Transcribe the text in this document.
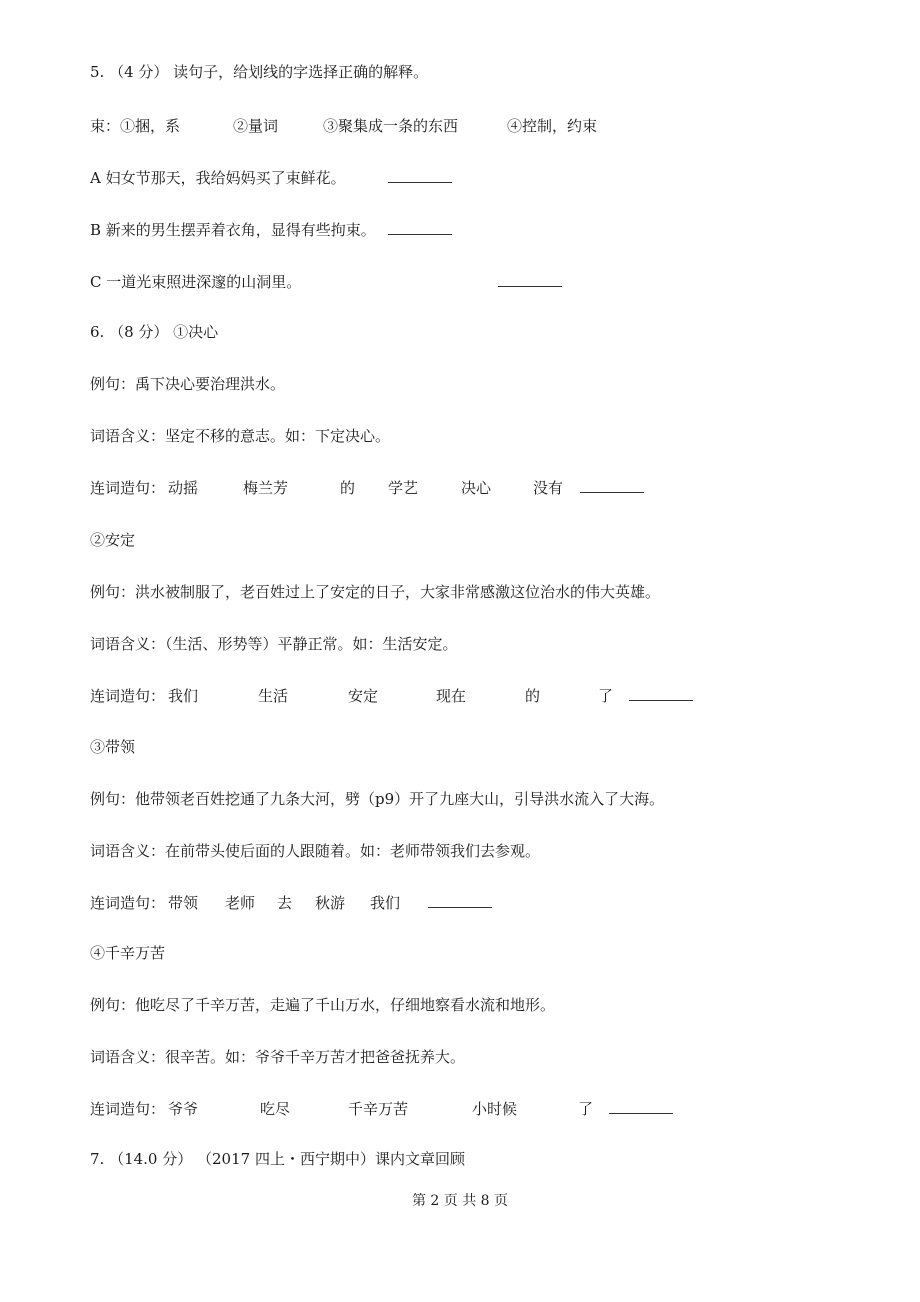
5. （4 分） 读句子，给划线的字选择正确的解释。
束：①捆，系	②量词	③聚集成一条的东西	④控制，约束
A 妇女节那天，我给妈妈买了束鲜花。
B 新来的男生摆弄着衣角，显得有些拘束。
C 一道光束照进深邃的山洞里。
6. （8 分） ①决心
例句：禹下决心要治理洪水。
词语含义：坚定不移的意志。如：下定决心。
连词造句： 动摇	梅兰芳	的 学艺	决心	没有
②安定
例句：洪水被制服了，老百姓过上了安定的日子，大家非常感激这位治水的伟大英雄。
词语含义：（生活、形势等）平静正常。如：生活安定。
连词造句： 我们	生活	安定	现在	的	了
③带领
例句：他带领老百姓挖通了九条大河，劈（p9）开了九座大山，引导洪水流入了大海。
词语含义：在前带头使后面的人跟随着。如：老师带领我们去参观。
连词造句： 带领 老师 去 秋游 我们
④千辛万苦
例句：他吃尽了千辛万苦，走遍了千山万水，仔细地察看水流和地形。
词语含义：很辛苦。如：爷爷千辛万苦才把爸爸抚养大。
连词造句： 爷爷	吃尽	千辛万苦	小时候	了
7. （14.0 分） （2017 四上・西宁期中）课内文章回顾
第 2 页 共 8 页
